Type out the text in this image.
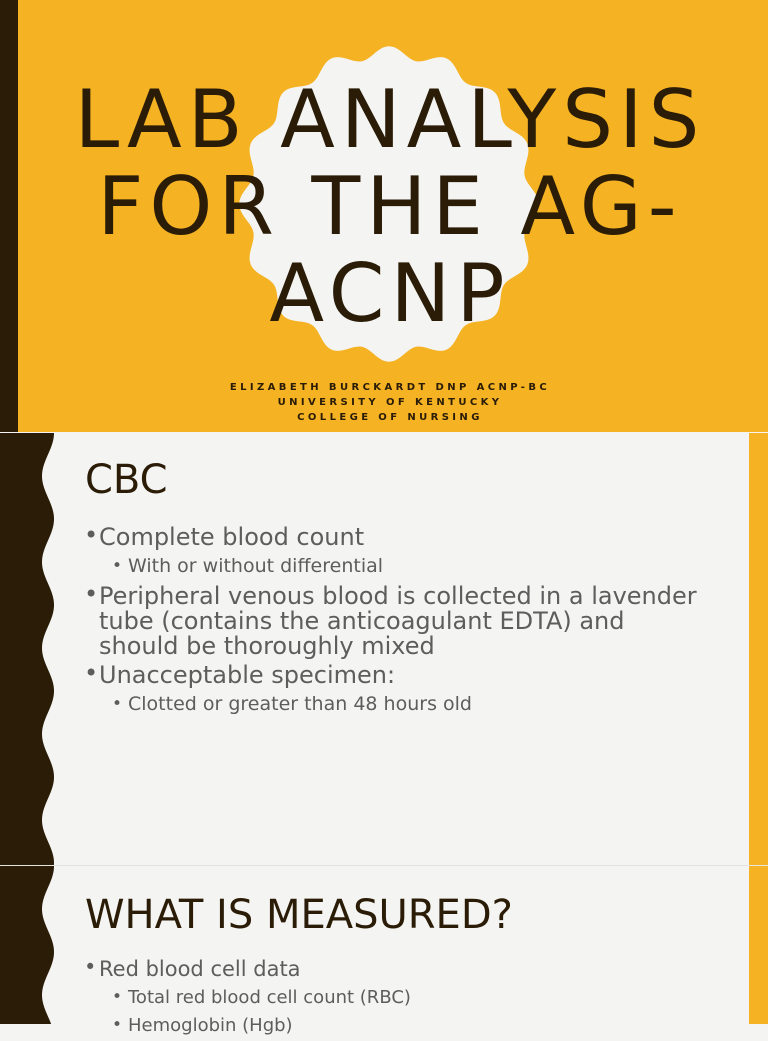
LAB ANALYSIS
FOR THE AG-
ACNP
ELIZABETH BURCKARDT DNP ACNP-BC
UNIVERSITY OF KENTUCKY
COLLEGE OF NURSING
CBC
• Complete blood count
• With or without differential
• Peripheral venous blood is collected in a lavender tube (contains the anticoagulant EDTA) and should be thoroughly mixed
• Unacceptable specimen:
• Clotted or greater than 48 hours old
WHAT IS MEASURED?
• Red blood cell data
• Total red blood cell count (RBC)
• Hemoglobin (Hgb)
